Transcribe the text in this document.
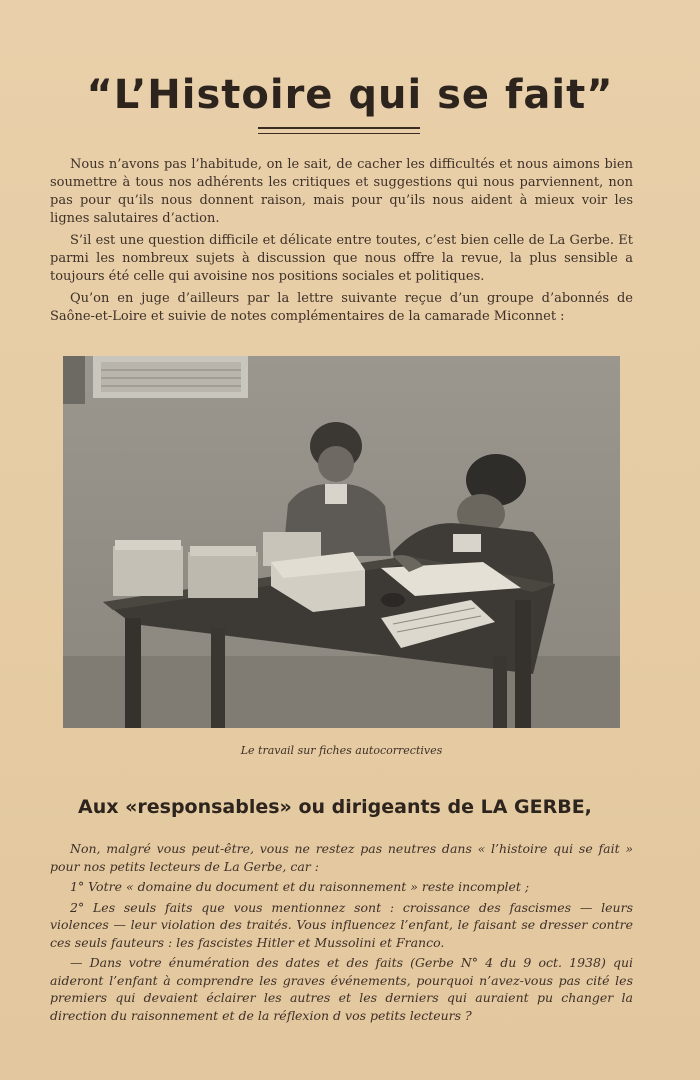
“L’Histoire qui se fait”

Nous n’avons pas l’habitude, on le sait, de cacher les difficultés et nous aimons bien soumettre à tous nos adhérents les critiques et suggestions qui nous parviennent, non pas pour qu’ils nous donnent raison, mais pour qu’ils nous aident à mieux voir les lignes salutaires d’action.

S’il est une question difficile et délicate entre toutes, c’est bien celle de La Gerbe. Et parmi les nombreux sujets à discussion que nous offre la revue, la plus sensible a toujours été celle qui avoisine nos positions sociales et politiques.

Qu’on en juge d’ailleurs par la lettre suivante reçue d’un groupe d’abonnés de Saône-et-Loire et suivie de notes complémentaires de la camarade Miconnet :

Le travail sur fiches autocorrectives
Aux «responsables» ou dirigeants de LA GERBE,

Non, malgré vous peut-être, vous ne restez pas neutres dans « l’histoire qui se fait » pour nos petits lecteurs de La Gerbe, car :

1° Votre « domaine du document et du raisonnement » reste incomplet ;

2° Les seuls faits que vous mentionnez sont : croissance des fascismes — leurs violences — leur violation des traités. Vous influencez l’enfant, le faisant se dresser contre ces seuls fauteurs : les fascistes Hitler et Mussolini et Franco.

— Dans votre énumération des dates et des faits (Gerbe N° 4 du 9 oct. 1938) qui aideront l’enfant à comprendre les graves événements, pourquoi n’avez-vous pas cité les premiers qui devaient éclairer les autres et les derniers qui auraient pu changer la direction du raisonnement et de la réflexion d vos petits lecteurs ?
